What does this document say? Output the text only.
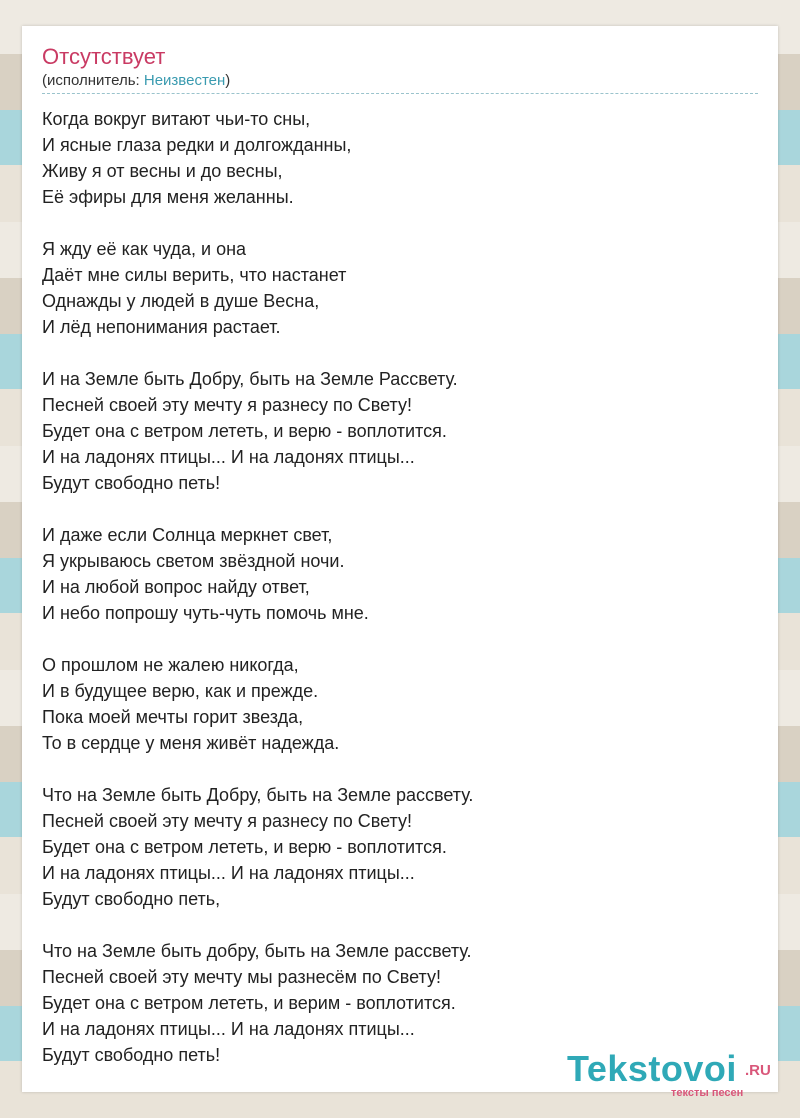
Отсутствует
(исполнитель: Неизвестен)
Когда вокруг витают чьи-то сны,
И ясные глаза редки и долгожданны,
Живу я от весны и до весны,
Её эфиры для меня желанны.

Я жду её как чуда, и она
Даёт мне силы верить, что настанет
Однажды у людей в душе Весна,
И лёд непонимания растает.

И на Земле быть Добру, быть на Земле Рассвету.
Песней своей эту мечту я разнесу по Свету!
Будет она с ветром лететь, и верю - воплотится.
И на ладонях птицы... И на ладонях птицы...
Будут свободно петь!

И даже если Солнца меркнет свет,
Я укрываюсь светом звёздной ночи.
И на любой вопрос найду ответ,
И небо попрошу чуть-чуть помочь мне.

О прошлом не жалею никогда,
И в будущее верю, как и прежде.
Пока моей мечты горит звезда,
То в сердце у меня живёт надежда.

Что на Земле быть Добру, быть на Земле рассвету.
Песней своей эту мечту я разнесу по Свету!
Будет она с ветром лететь, и верю - воплотится.
И на ладонях птицы... И на ладонях птицы...
Будут свободно петь,

Что на Земле быть добру, быть на Земле рассвету.
Песней своей эту мечту мы разнесём по Свету!
Будет она с ветром лететь, и верим - воплотится.
И на ладонях птицы... И на ладонях птицы...
Будут свободно петь!	Tekstovoi .RU
тексты песен
